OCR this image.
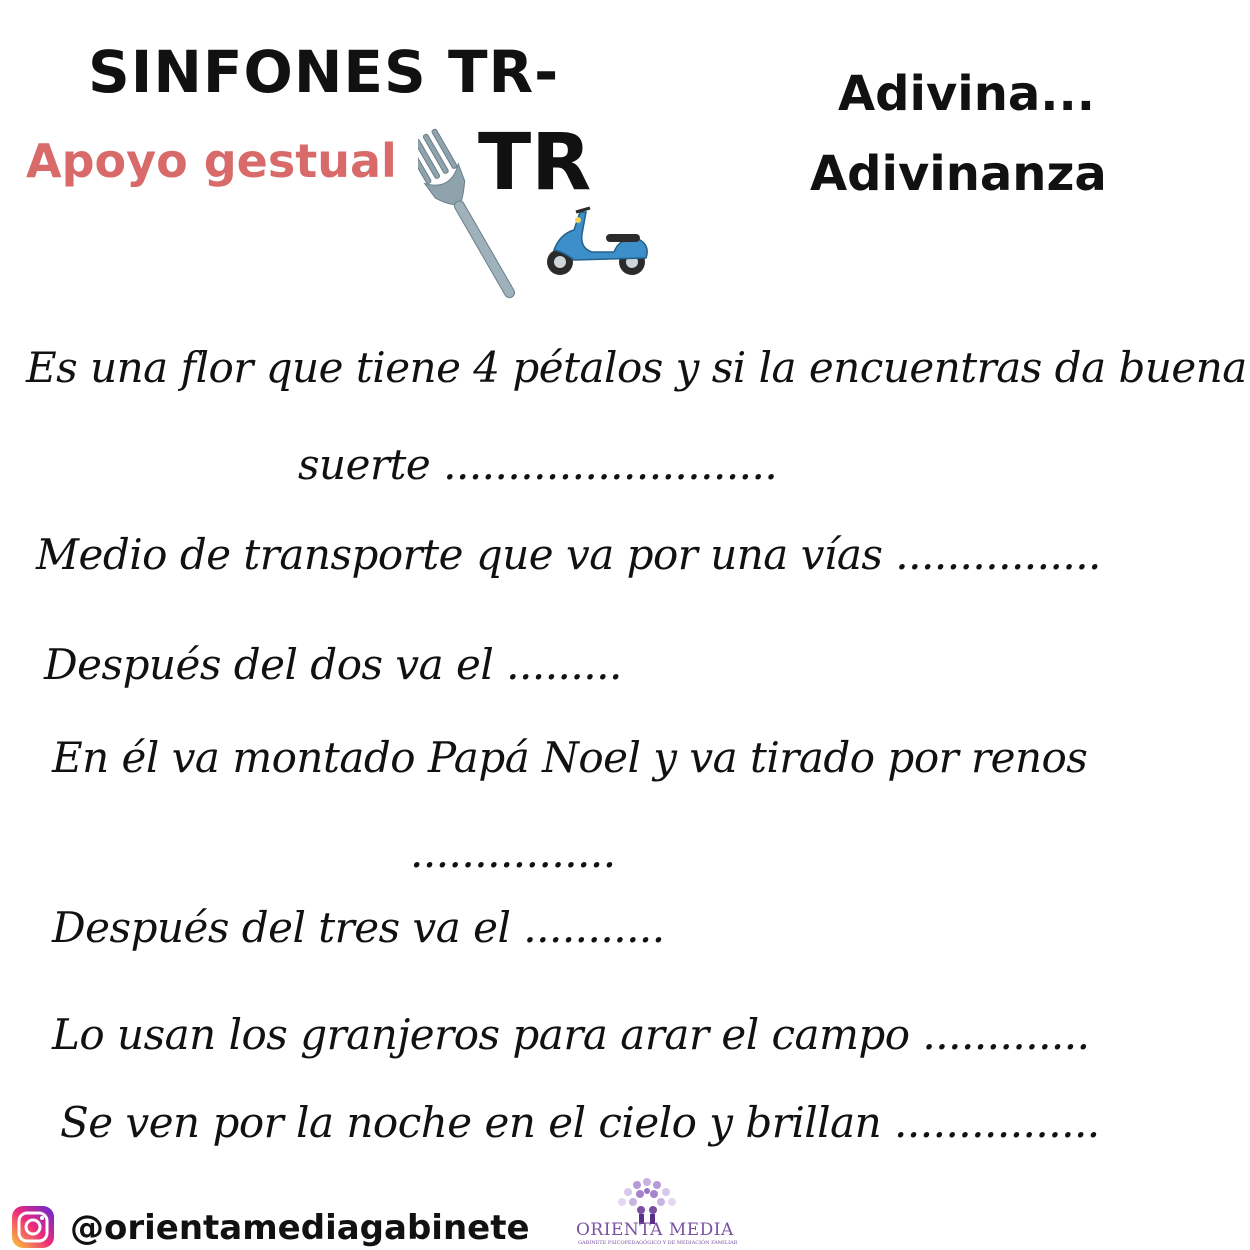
SINFONES TR-
Apoyo gestual TR
Adivina...
Adivinanza
Es una flor que tiene 4 pétalos y si la encuentras da buena
suerte ..........................
Medio de transporte que va por una vías ................
Después del dos va el .........
En él va montado Papá Noel y va tirado por renos
................
Después del tres va el ...........
Lo usan los granjeros para arar el campo .............
Se ven por la noche en el cielo y brillan ................
@orientamediagabinete	ORIENTA MEDIA
GABINETE PSICOPEDAGÓGICO Y DE MEDIACIÓN FAMILIAR
